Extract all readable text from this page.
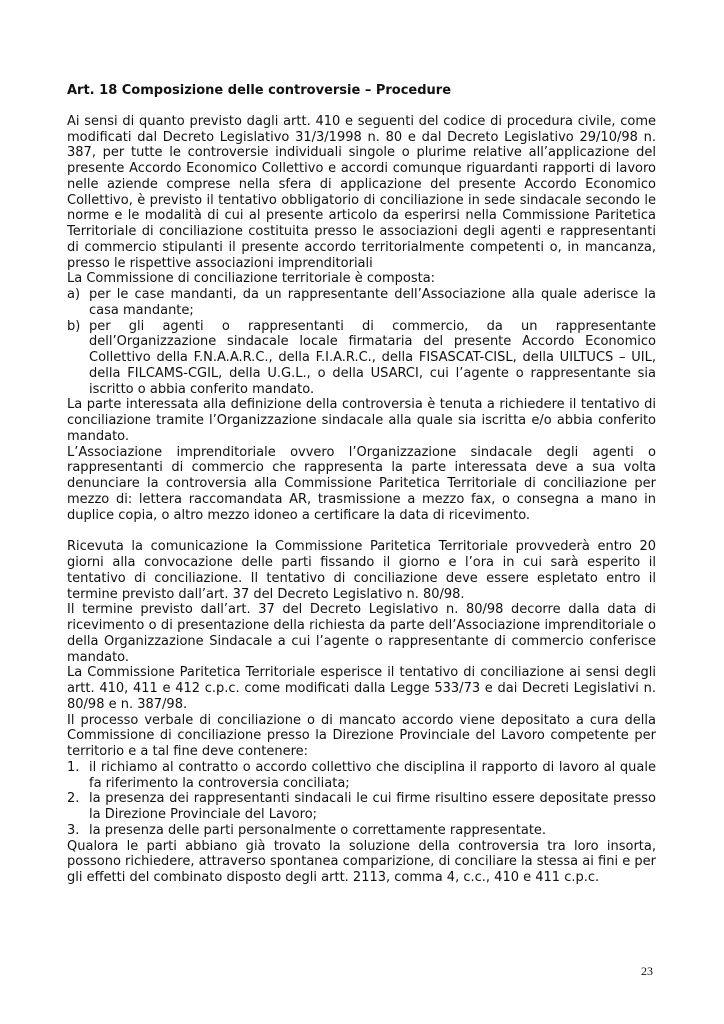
Art. 18 Composizione delle controversie – Procedure

Ai sensi di quanto previsto dagli artt. 410 e seguenti del codice di procedura civile, come modificati dal Decreto Legislativo 31/3/1998 n. 80 e dal Decreto Legislativo 29/10/98 n. 387, per tutte le controversie individuali singole o plurime relative all’applicazione del presente Accordo Economico Collettivo e accordi comunque riguardanti rapporti di lavoro nelle aziende comprese nella sfera di applicazione del presente Accordo Economico Collettivo, è previsto il tentativo obbligatorio di conciliazione in sede sindacale secondo le norme e le modalità di cui al presente articolo da esperirsi nella Commissione Paritetica Territoriale di conciliazione costituita presso le associazioni degli agenti e rappresentanti di commercio stipulanti il presente accordo territorialmente competenti o, in mancanza, presso le rispettive associazioni imprenditoriali

La Commissione di conciliazione territoriale è composta:

a) per le case mandanti, da un rappresentante dell’Associazione alla quale aderisce la casa mandante;
b) per gli agenti o rappresentanti di commercio, da un rappresentante dell’Organizzazione sindacale locale firmataria del presente Accordo Economico Collettivo della F.N.A.A.R.C., della F.I.A.R.C., della FISASCAT-CISL, della UILTUCS – UIL, della FILCAMS-CGIL, della U.G.L., o della USARCI, cui l’agente o rappresentante sia iscritto o abbia conferito mandato.

La parte interessata alla definizione della controversia è tenuta a richiedere il tentativo di conciliazione tramite l’Organizzazione sindacale alla quale sia iscritta e/o abbia conferito mandato.

L’Associazione imprenditoriale ovvero l’Organizzazione sindacale degli agenti o rappresentanti di commercio che rappresenta la parte interessata deve a sua volta denunciare la controversia alla Commissione Paritetica Territoriale di conciliazione per mezzo di: lettera raccomandata AR, trasmissione a mezzo fax, o consegna a mano in duplice copia, o altro mezzo idoneo a certificare la data di ricevimento.

Ricevuta la comunicazione la Commissione Paritetica Territoriale provvederà entro 20 giorni alla convocazione delle parti fissando il giorno e l’ora in cui sarà esperito il tentativo di conciliazione. Il tentativo di conciliazione deve essere espletato entro il termine previsto dall’art. 37 del Decreto Legislativo n. 80/98.

Il termine previsto dall’art. 37 del Decreto Legislativo n. 80/98 decorre dalla data di ricevimento o di presentazione della richiesta da parte dell’Associazione imprenditoriale o della Organizzazione Sindacale a cui l’agente o rappresentante di commercio conferisce mandato.

La Commissione Paritetica Territoriale esperisce il tentativo di conciliazione ai sensi degli artt. 410, 411 e 412 c.p.c. come modificati dalla Legge 533/73 e dai Decreti Legislativi n. 80/98 e n. 387/98.

Il processo verbale di conciliazione o di mancato accordo viene depositato a cura della Commissione di conciliazione presso la Direzione Provinciale del Lavoro competente per territorio e a tal fine deve contenere:

1. il richiamo al contratto o accordo collettivo che disciplina il rapporto di lavoro al quale fa riferimento la controversia conciliata;
2. la presenza dei rappresentanti sindacali le cui firme risultino essere depositate presso la Direzione Provinciale del Lavoro;
3. la presenza delle parti personalmente o correttamente rappresentate.

Qualora le parti abbiano già trovato la soluzione della controversia tra loro insorta, possono richiedere, attraverso spontanea comparizione, di conciliare la stessa ai fini e per gli effetti del combinato disposto degli artt. 2113, comma 4, c.c., 410 e 411 c.p.c.

23
